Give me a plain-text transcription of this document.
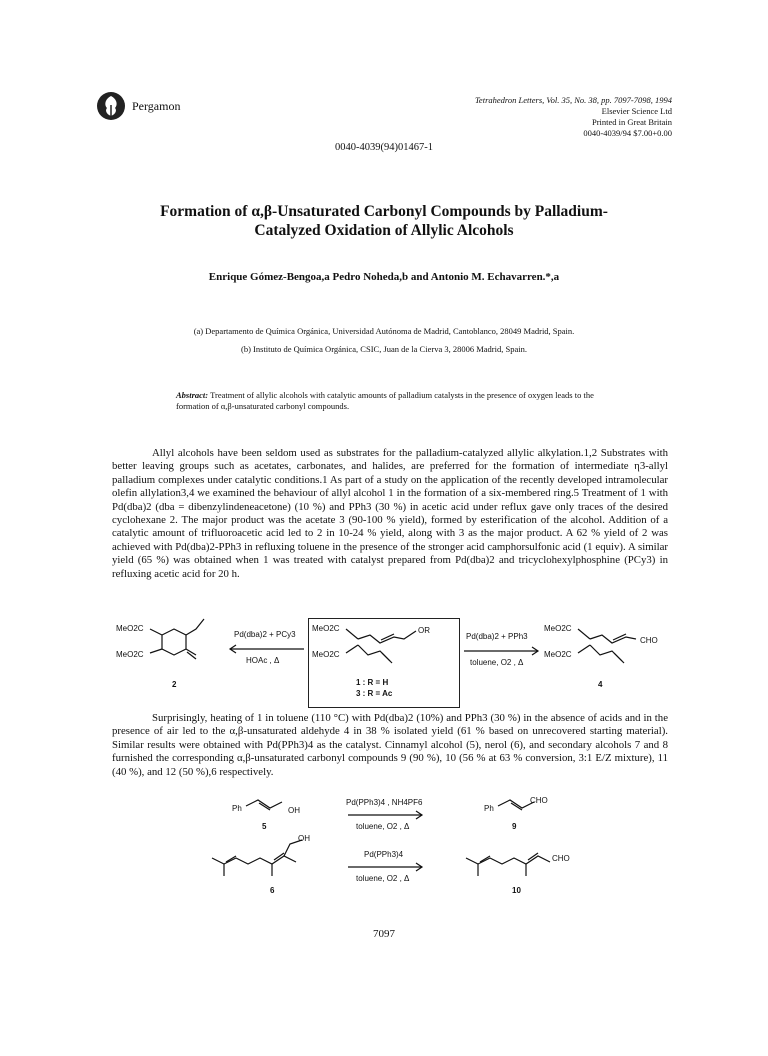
Pergamon	Tetrahedron Letters, Vol. 35, No. 38, pp. 7097-7098, 1994
Elsevier Science Ltd
Printed in Great Britain
0040-4039/94 $7.00+0.00
0040-4039(94)01467-1
Formation of α,β-Unsaturated Carbonyl Compounds by Palladium-
Catalyzed Oxidation of Allylic Alcohols
Enrique Gómez-Bengoa,a Pedro Noheda,b and Antonio M. Echavarren.*,a
(a) Departamento de Química Orgánica, Universidad Autónoma de Madrid, Cantoblanco, 28049 Madrid, Spain.
(b) Instituto de Química Orgánica, CSIC, Juan de la Cierva 3, 28006 Madrid, Spain.
Abstract: Treatment of allylic alcohols with catalytic amounts of palladium catalysts in the presence of oxygen leads to the formation of α,β-unsaturated carbonyl compounds.

Allyl alcohols have been seldom used as substrates for the palladium-catalyzed allylic alkylation.1,2 Substrates with better leaving groups such as acetates, carbonates, and halides, are preferred for the formation of intermediate η3-allyl palladium complexes under catalytic conditions.1 As part of a study on the application of the recently developed intramolecular olefin allylation3,4 we examined the behaviour of allyl alcohol 1 in the formation of a six-membered ring.5 Treatment of 1 with Pd(dba)2 (dba = dibenzylindeneacetone) (10 %) and PPh3 (30 %) in acetic acid under reflux gave only traces of the desired cyclohexane 2. The major product was the acetate 3 (90-100 % yield), formed by esterification of the alcohol. Addition of a catalytic amount of trifluoroacetic acid led to 2 in 10-24 % yield, along with 3 as the major product. A 62 % yield of 2 was achieved with Pd(dba)2-PPh3 in refluxing toluene in the presence of the stronger acid camphorsulfonic acid (1 equiv). A similar yield (65 %) was obtained when 1 was treated with catalyst prepared from Pd(dba)2 and tricyclohexylphosphine (PCy3) in refluxing acetic acid for 20 h.

MeO2C
MeO2C
2
Pd(dba)2 + PCy3
HOAc , Δ
MeO2C
MeO2C
OR
1 : R = H
3 : R = Ac
Pd(dba)2 + PPh3
toluene, O2 , Δ
MeO2C
MeO2C
CHO
4

Surprisingly, heating of 1 in toluene (110 °C) with Pd(dba)2 (10%) and PPh3 (30 %) in the absence of acids and in the presence of air led to the α,β-unsaturated aldehyde 4 in 38 % isolated yield (61 % based on unrecovered starting material). Similar results were obtained with Pd(PPh3)4 as the catalyst. Cinnamyl alcohol (5), nerol (6), and secondary alcohols 7 and 8 furnished the corresponding α,β-unsaturated carbonyl compounds 9 (90 %), 10 (56 % at 63 % conversion, 3:1 E/Z mixture), 11 (40 %), and 12 (50 %),6 respectively.

Ph	OH
5
Pd(PPh3)4 , NH4PF6
toluene, O2 , Δ
Ph
CHO
9
OH
6
Pd(PPh3)4
toluene, O2 , Δ
CHO
10
7097
